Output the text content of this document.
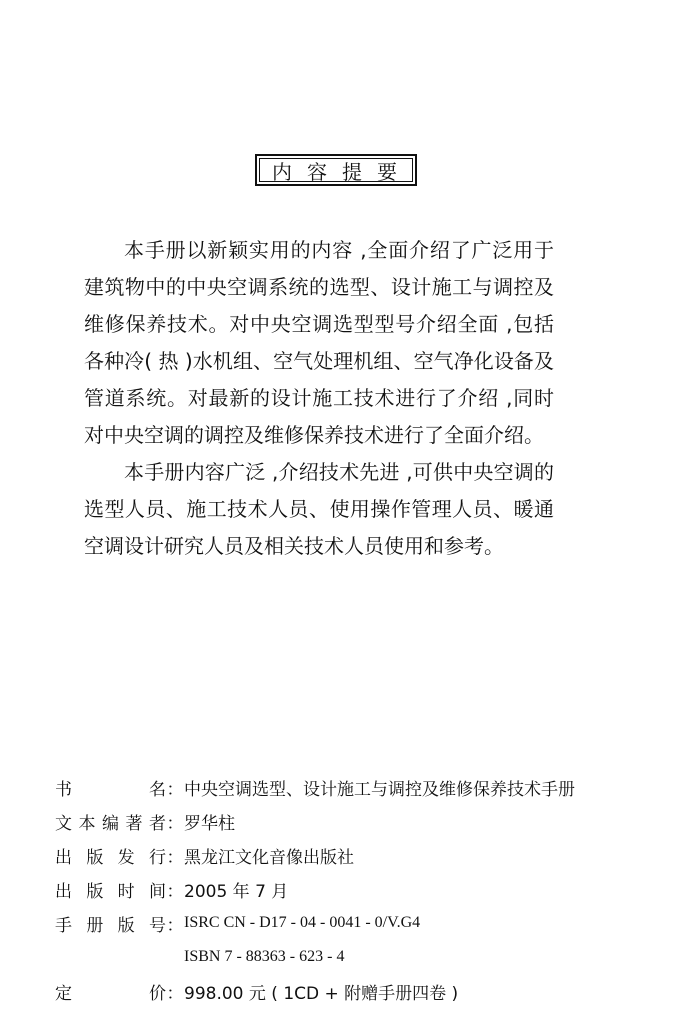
内容提要

本手册以新颖实用的内容 ,全面介绍了广泛用于建筑物中的中央空调系统的选型、设计施工与调控及维修保养技术。对中央空调选型型号介绍全面 ,包括各种冷( 热 )水机组、空气处理机组、空气净化设备及管道系统。对最新的设计施工技术进行了介绍 ,同时对中央空调的调控及维修保养技术进行了全面介绍。

本手册内容广泛 ,介绍技术先进 ,可供中央空调的选型人员、施工技术人员、使用操作管理人员、暖通空调设计研究人员及相关技术人员使用和参考。

书名 ： 中央空调选型、设计施工与调控及维修保养技术手册
文本编著者 ： 罗华柱
出版发行 ： 黑龙江文化音像出版社
出版时间 ： 2005 年 7 月
手册版号 ： ISRC CN - D17 - 04 - 0041 - 0/V.G4
ISBN 7 - 88363 - 623 - 4
定价 ： 998.00 元 ( 1CD + 附赠手册四卷 )
